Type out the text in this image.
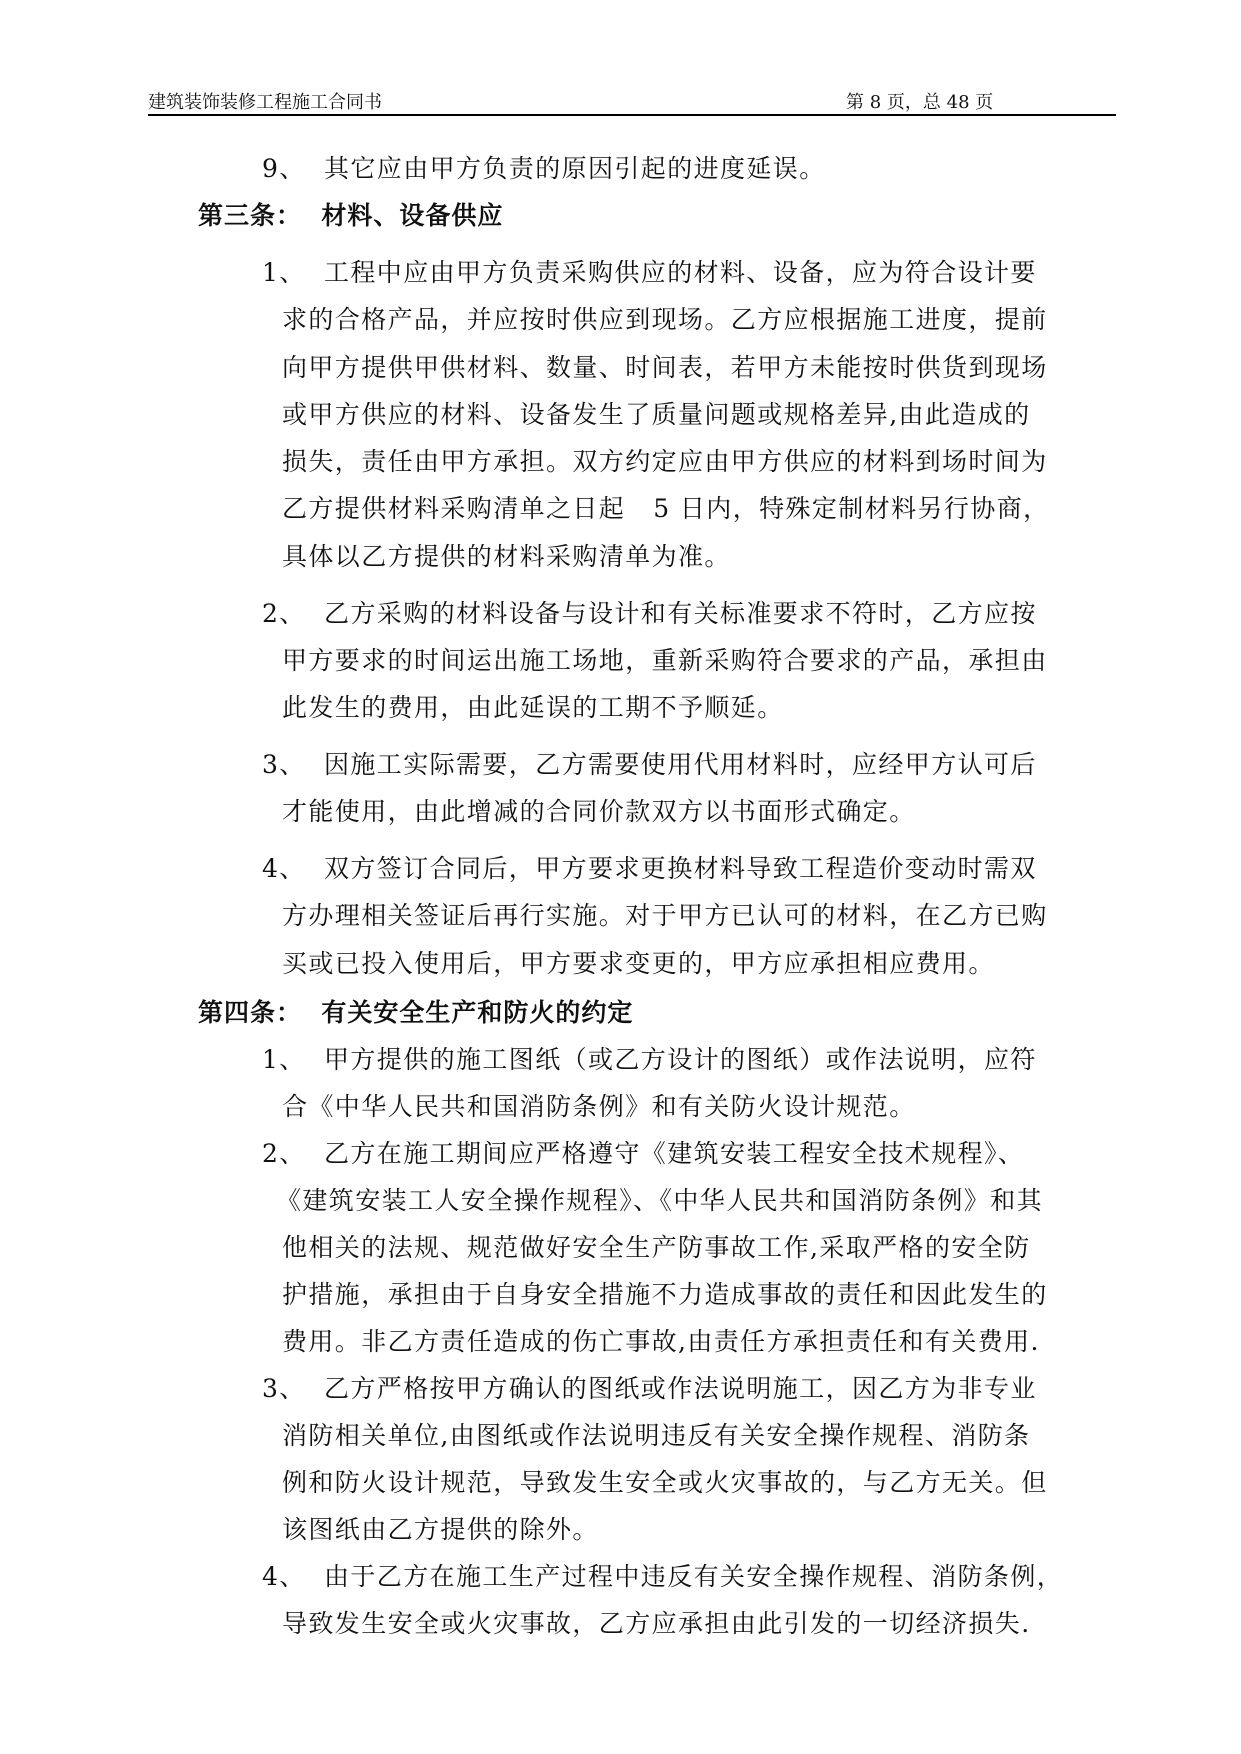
建筑装饰装修工程施工合同书	第 8 页，总 48 页
9、 其它应由甲方负责的原因引起的进度延误。
第三条：  材料、设备供应
1、 工程中应由甲方负责采购供应的材料、设备，应为符合设计要
求的合格产品，并应按时供应到现场。乙方应根据施工进度，提前
向甲方提供甲供材料、数量、时间表，若甲方未能按时供货到现场
或甲方供应的材料、设备发生了质量问题或规格差异,由此造成的
损失，责任由甲方承担。双方约定应由甲方供应的材料到场时间为
乙方提供材料采购清单之日起   5 日内，特殊定制材料另行协商，
具体以乙方提供的材料采购清单为准。
2、 乙方采购的材料设备与设计和有关标准要求不符时，乙方应按
甲方要求的时间运出施工场地，重新采购符合要求的产品，承担由
此发生的费用，由此延误的工期不予顺延。
3、 因施工实际需要，乙方需要使用代用材料时，应经甲方认可后
才能使用，由此增减的合同价款双方以书面形式确定。
4、 双方签订合同后，甲方要求更换材料导致工程造价变动时需双
方办理相关签证后再行实施。对于甲方已认可的材料，在乙方已购
买或已投入使用后，甲方要求变更的，甲方应承担相应费用。
第四条：  有关安全生产和防火的约定
1、 甲方提供的施工图纸（或乙方设计的图纸）或作法说明，应符
合《中华人民共和国消防条例》和有关防火设计规范。
2、 乙方在施工期间应严格遵守《建筑安装工程安全技术规程》、
《建筑安装工人安全操作规程》、《中华人民共和国消防条例》和其
他相关的法规、规范做好安全生产防事故工作,采取严格的安全防
护措施，承担由于自身安全措施不力造成事故的责任和因此发生的
费用。非乙方责任造成的伤亡事故,由责任方承担责任和有关费用.
3、 乙方严格按甲方确认的图纸或作法说明施工，因乙方为非专业
消防相关单位,由图纸或作法说明违反有关安全操作规程、消防条
例和防火设计规范，导致发生安全或火灾事故的，与乙方无关。但
该图纸由乙方提供的除外。
4、 由于乙方在施工生产过程中违反有关安全操作规程、消防条例，
导致发生安全或火灾事故，乙方应承担由此引发的一切经济损失.
